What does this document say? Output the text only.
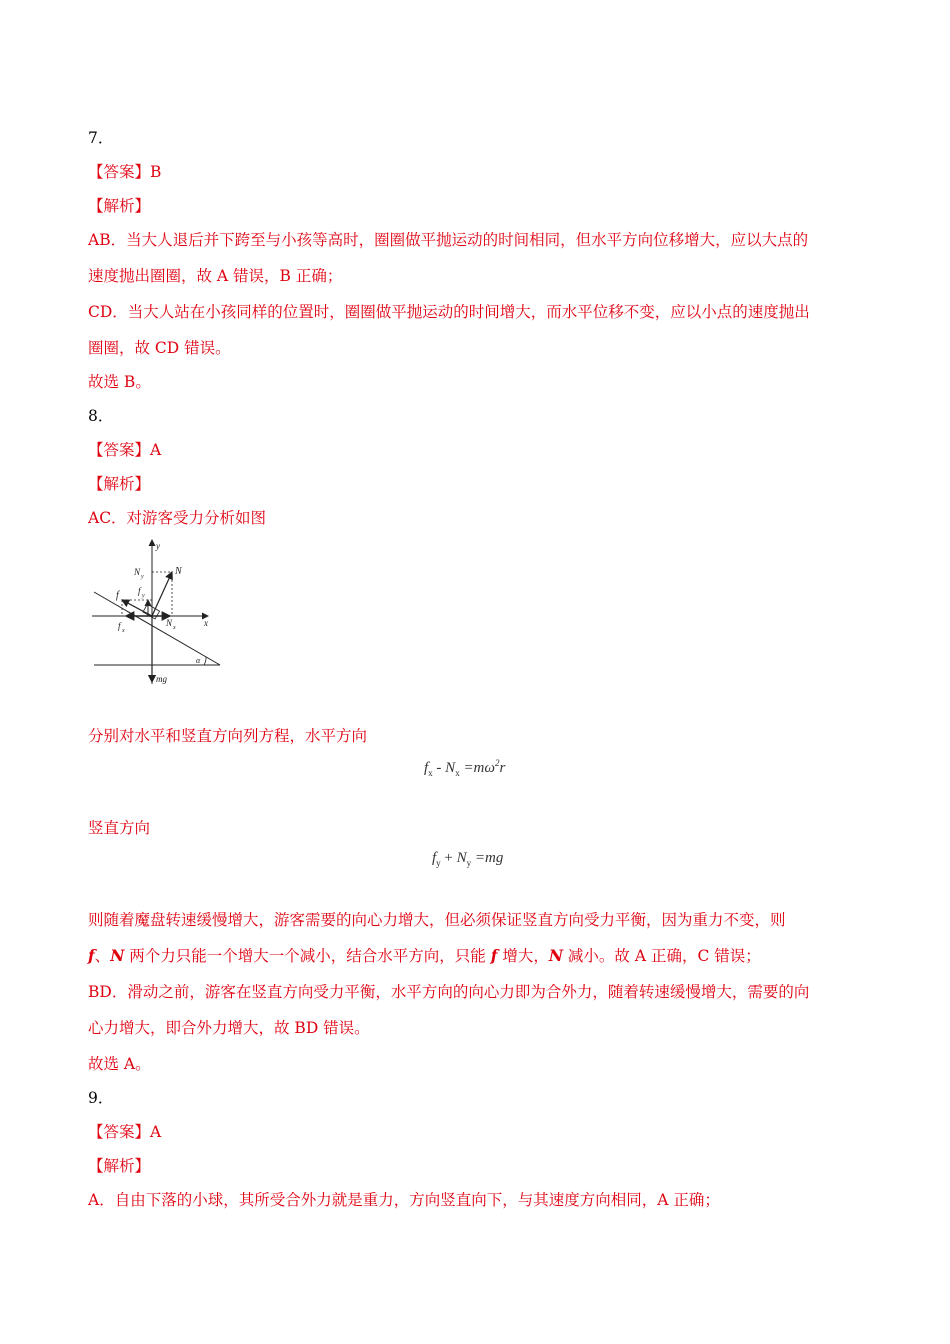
7．
【答案】B
【解析】
AB．当大人退后并下跨至与小孩等高时，圈圈做平抛运动的时间相同，但水平方向位移增大，应以大点的
速度抛出圈圈，故 A 错误，B 正确；
CD．当大人站在小孩同样的位置时，圈圈做平抛运动的时间增大，而水平位移不变，应以小点的速度抛出
圈圈，故 CD 错误。
故选 B。
8．
【答案】A
【解析】
AC．对游客受力分析如图
y
N
N y
f y
f
f x
N x	x
α
mg
分别对水平和竖直方向列方程，水平方向
$f_x - N_x =m\omega^2r$
竖直方向
$f_y + N_y =mg$
则随着魔盘转速缓慢增大，游客需要的向心力增大，但必须保证竖直方向受力平衡，因为重力不变，则
f、N 两个力只能一个增大一个减小，结合水平方向，只能 f 增大，N 减小。故 A 正确，C 错误；
BD．滑动之前，游客在竖直方向受力平衡，水平方向的向心力即为合外力，随着转速缓慢增大，需要的向
心力增大，即合外力增大，故 BD 错误。
故选 A。
9．
【答案】A
【解析】
A．自由下落的小球，其所受合外力就是重力，方向竖直向下，与其速度方向相同，A 正确；
